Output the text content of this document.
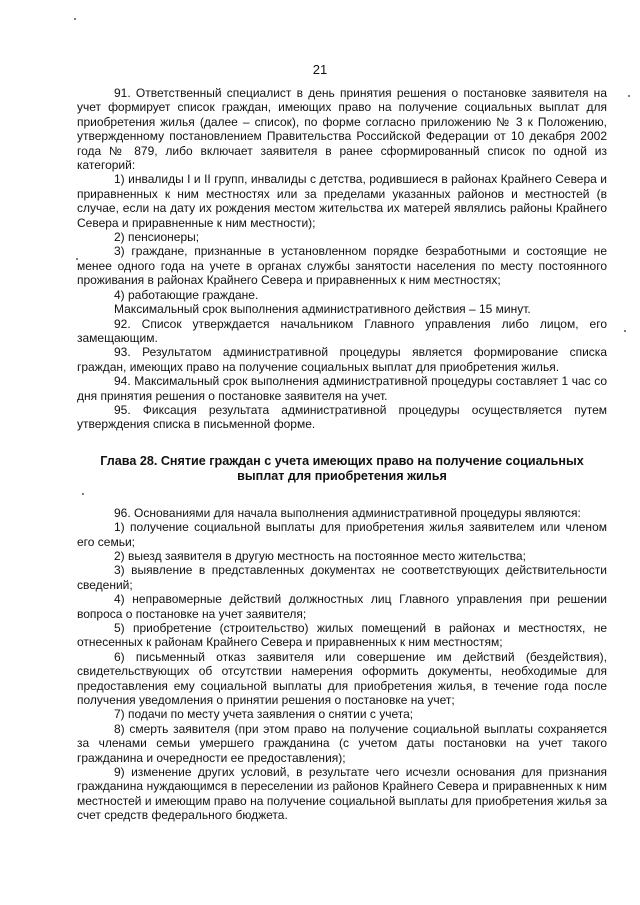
21

91. Ответственный специалист в день принятия решения о постановке заявителя на учет формирует список граждан, имеющих право на получение социальных выплат для приобретения жилья (далее – список), по форме согласно приложению № 3 к Положению, утвержденному постановлением Правительства Российской Федерации от 10 декабря 2002 года № 879, либо включает заявителя в ранее сформированный список по одной из категорий:

1) инвалиды I и II групп, инвалиды с детства, родившиеся в районах Крайнего Севера и приравненных к ним местностях или за пределами указанных районов и местностей (в случае, если на дату их рождения местом жительства их матерей являлись районы Крайнего Севера и приравненные к ним местности);

2) пенсионеры;

3) граждане, признанные в установленном порядке безработными и состоящие не менее одного года на учете в органах службы занятости населения по месту постоянного проживания в районах Крайнего Севера и приравненных к ним местностях;

4) работающие граждане.

Максимальный срок выполнения административного действия – 15 минут.

92. Список утверждается начальником Главного управления либо лицом, его замещающим.

93. Результатом административной процедуры является формирование списка граждан, имеющих право на получение социальных выплат для приобретения жилья.

94. Максимальный срок выполнения административной процедуры составляет 1 час со дня принятия решения о постановке заявителя на учет.

95. Фиксация результата административной процедуры осуществляется путем утверждения списка в письменной форме.

Глава 28. Снятие граждан с учета имеющих право на получение социальных выплат для приобретения жилья

96. Основаниями для начала выполнения административной процедуры являются:

1) получение социальной выплаты для приобретения жилья заявителем или членом его семьи;

2) выезд заявителя в другую местность на постоянное место жительства;

3) выявление в представленных документах не соответствующих действительности сведений;

4) неправомерные действий должностных лиц Главного управления при решении вопроса о постановке на учет заявителя;

5) приобретение (строительство) жилых помещений в районах и местностях, не отнесенных к районам Крайнего Севера и приравненных к ним местностям;

6) письменный отказ заявителя или совершение им действий (бездействия), свидетельствующих об отсутствии намерения оформить документы, необходимые для предоставления ему социальной выплаты для приобретения жилья, в течение года после получения уведомления о принятии решения о постановке на учет;

7) подачи по месту учета заявления о снятии с учета;

8) смерть заявителя (при этом право на получение социальной выплаты сохраняется за членами семьи умершего гражданина (с учетом даты постановки на учет такого гражданина и очередности ее предоставления);

9) изменение других условий, в результате чего исчезли основания для признания гражданина нуждающимся в переселении из районов Крайнего Севера и приравненных к ним местностей и имеющим право на получение социальной выплаты для приобретения жилья за счет средств федерального бюджета.
